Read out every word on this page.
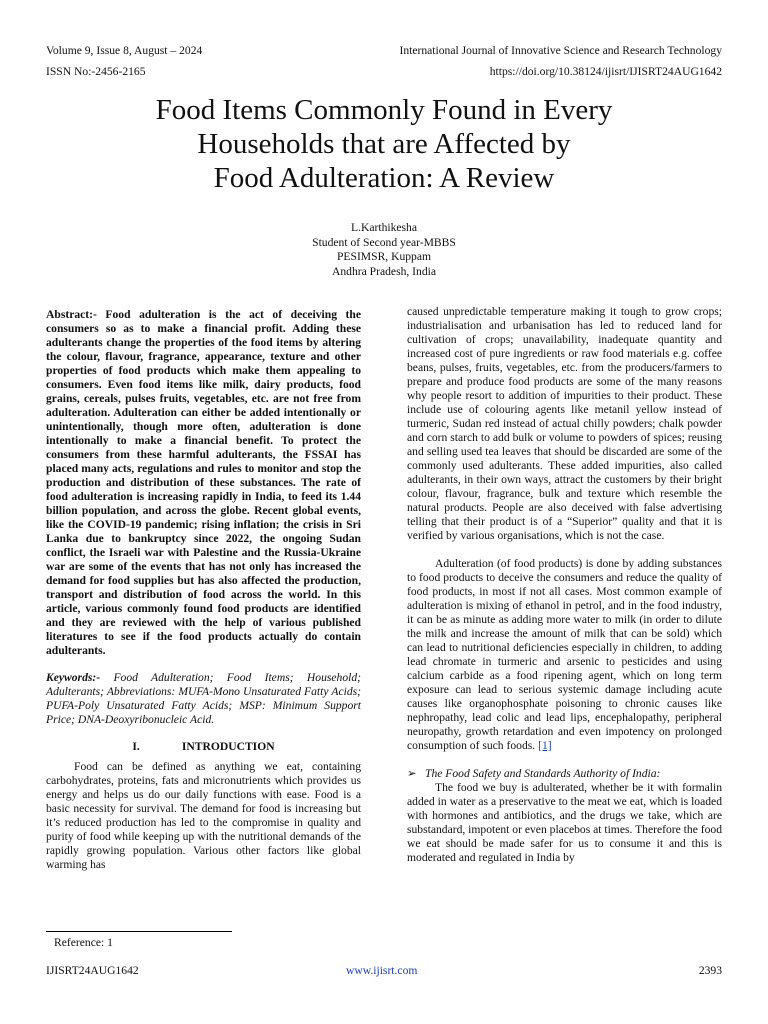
Volume 9, Issue 8, August – 2024	International Journal of Innovative Science and Research Technology
ISSN No:-2456-2165	https://doi.org/10.38124/ijisrt/IJISRT24AUG1642
Food Items Commonly Found in Every
Households that are Affected by
Food Adulteration: A Review
L.Karthikesha
Student of Second year-MBBS
PESIMSR, Kuppam
Andhra Pradesh, India

Abstract:- Food adulteration is the act of deceiving the consumers so as to make a financial profit. Adding these adulterants change the properties of the food items by altering the colour, flavour, fragrance, appearance, texture and other properties of food products which make them appealing to consumers. Even food items like milk, dairy products, food grains, cereals, pulses fruits, vegetables, etc. are not free from adulteration. Adulteration can either be added intentionally or unintentionally, though more often, adulteration is done intentionally to make a financial benefit. To protect the consumers from these harmful adulterants, the FSSAI has placed many acts, regulations and rules to monitor and stop the production and distribution of these substances. The rate of food adulteration is increasing rapidly in India, to feed its 1.44 billion population, and across the globe. Recent global events, like the COVID-19 pandemic; rising inflation; the crisis in Sri Lanka due to bankruptcy since 2022, the ongoing Sudan conflict, the Israeli war with Palestine and the Russia-Ukraine war are some of the events that has not only has increased the demand for food supplies but has also affected the production, transport and distribution of food across the world. In this article, various commonly found food products are identified and they are reviewed with the help of various published literatures to see if the food products actually do contain adulterants.

Keywords:- Food Adulteration; Food Items; Household; Adulterants; Abbreviations: MUFA-Mono Unsaturated Fatty Acids; PUFA-Poly Unsaturated Fatty Acids; MSP: Minimum Support Price; DNA-Deoxyribonucleic Acid.

I.	INTRODUCTION

Food can be defined as anything we eat, containing carbohydrates, proteins, fats and micronutrients which provides us energy and helps us do our daily functions with ease. Food is a basic necessity for survival. The demand for food is increasing but it’s reduced production has led to the compromise in quality and purity of food while keeping up with the nutritional demands of the rapidly growing population. Various other factors like global warming has

caused unpredictable temperature making it tough to grow crops; industrialisation and urbanisation has led to reduced land for cultivation of crops; unavailability, inadequate quantity and increased cost of pure ingredients or raw food materials e.g. coffee beans, pulses, fruits, vegetables, etc. from the producers/farmers to prepare and produce food products are some of the many reasons why people resort to addition of impurities to their product. These include use of colouring agents like metanil yellow instead of turmeric, Sudan red instead of actual chilly powders; chalk powder and corn starch to add bulk or volume to powders of spices; reusing and selling used tea leaves that should be discarded are some of the commonly used adulterants. These added impurities, also called adulterants, in their own ways, attract the customers by their bright colour, flavour, fragrance, bulk and texture which resemble the natural products. People are also deceived with false advertising telling that their product is of a “Superior” quality and that it is verified by various organisations, which is not the case.

Adulteration (of food products) is done by adding substances to food products to deceive the consumers and reduce the quality of food products, in most if not all cases. Most common example of adulteration is mixing of ethanol in petrol, and in the food industry, it can be as minute as adding more water to milk (in order to dilute the milk and increase the amount of milk that can be sold) which can lead to nutritional deficiencies especially in children, to adding lead chromate in turmeric and arsenic to pesticides and using calcium carbide as a food ripening agent, which on long term exposure can lead to serious systemic damage including acute causes like organophosphate poisoning to chronic causes like nephropathy, lead colic and lead lips, encephalopathy, peripheral neuropathy, growth retardation and even impotency on prolonged consumption of such foods. [1]

➢ The Food Safety and Standards Authority of India:

The food we buy is adulterated, whether be it with formalin added in water as a preservative to the meat we eat, which is loaded with hormones and antibiotics, and the drugs we take, which are substandard, impotent or even placebos at times. Therefore the food we eat should be made safer for us to consume it and this is moderated and regulated in India by

Reference: 1
IJISRT24AUG1642	www.ijisrt.com	2393
